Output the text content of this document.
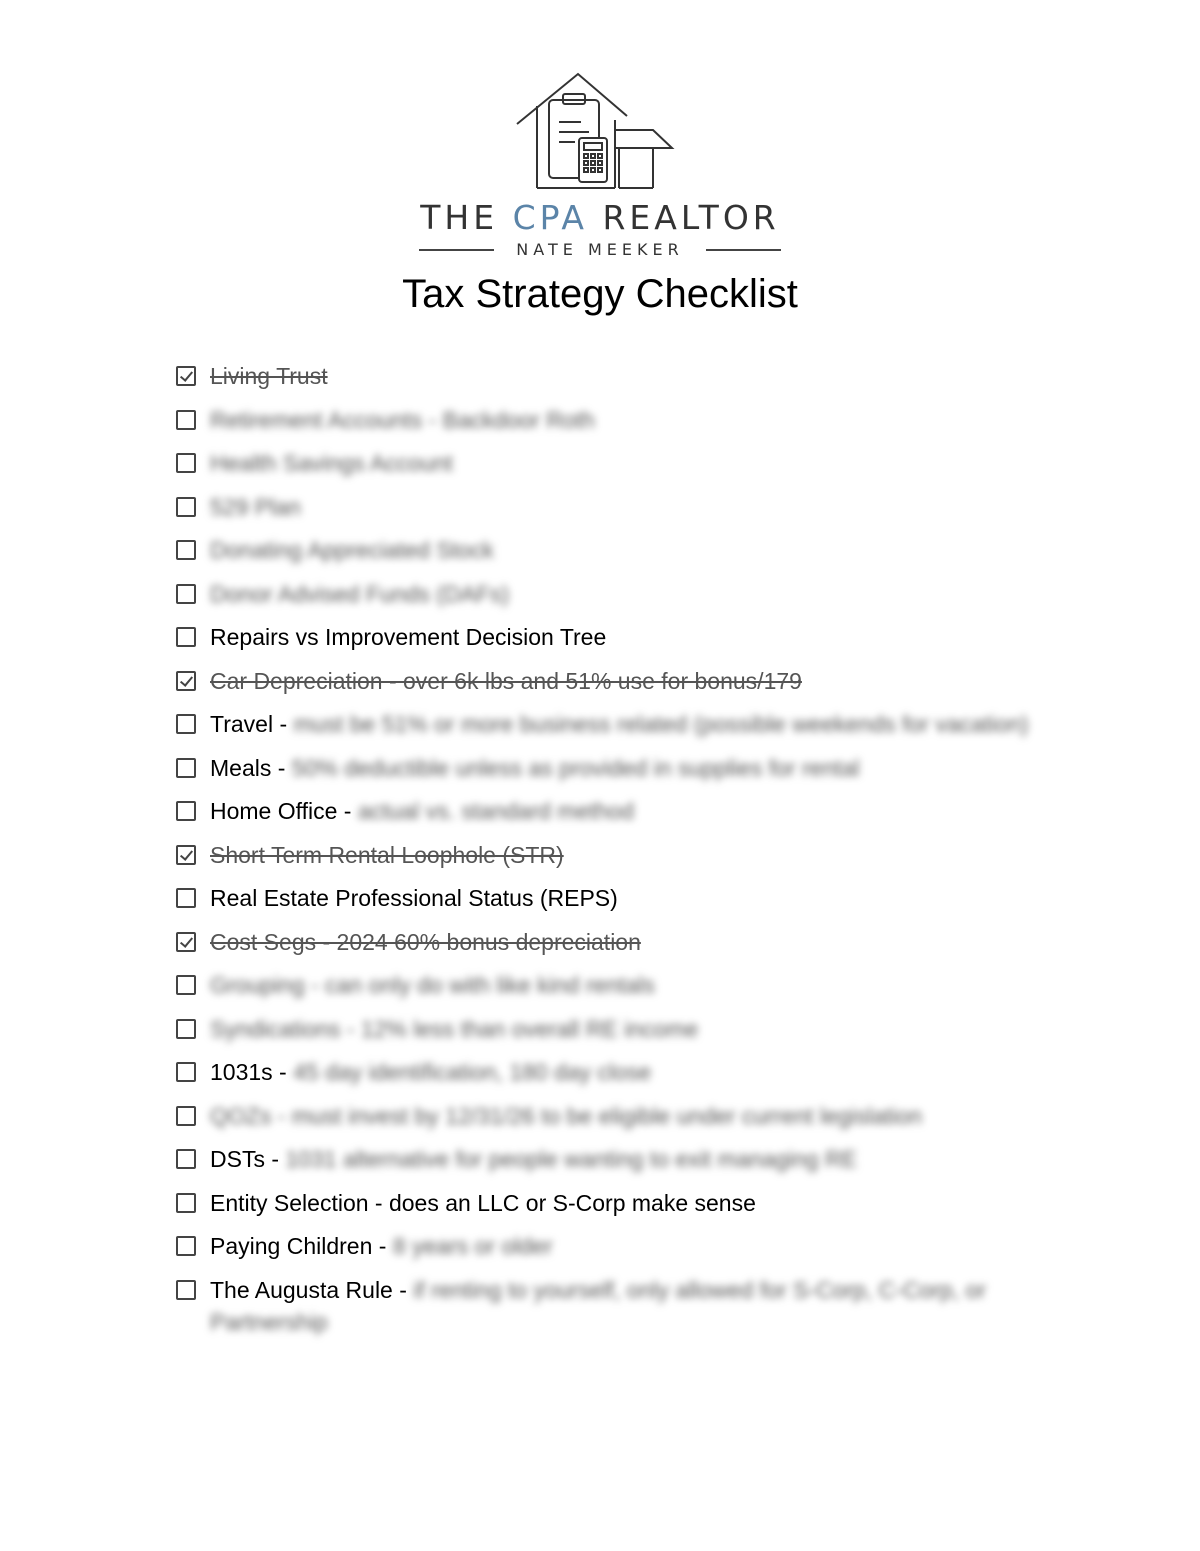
THE CPA REALTOR
NATE MEEKER
Tax Strategy Checklist
Living Trust
Retirement Accounts - Backdoor Roth
Health Savings Account
529 Plan
Donating Appreciated Stock
Donor Advised Funds (DAFs)
Repairs vs Improvement Decision Tree
Car Depreciation - over 6k lbs and 51% use for bonus/179
Travel - must be 51% or more business related (possible weekends for vacation)
Meals - 50% deductible unless as provided in supplies for rental
Home Office - actual vs. standard method
Short Term Rental Loophole (STR)
Real Estate Professional Status (REPS)
Cost Segs - 2024 60% bonus depreciation
Grouping - can only do with like kind rentals
Syndications - 12% less than overall RE income
1031s - 45 day identification, 180 day close
QOZs - must invest by 12/31/26 to be eligible under current legislation
DSTs - 1031 alternative for people wanting to exit managing RE
Entity Selection - does an LLC or S-Corp make sense
Paying Children - 8 years or older
The Augusta Rule - if renting to yourself, only allowed for S-Corp, C-Corp, or Partnership
